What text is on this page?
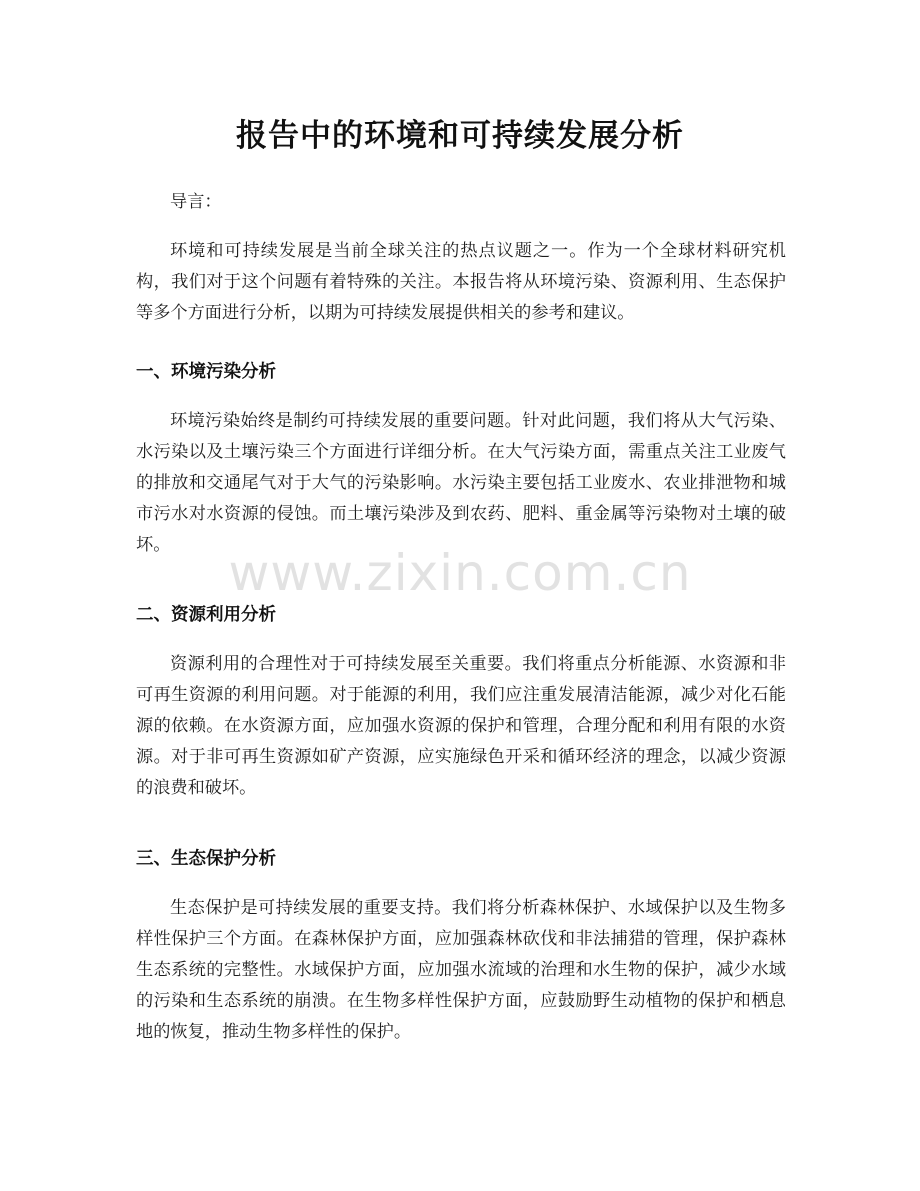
报告中的环境和可持续发展分析
导言：
环境和可持续发展是当前全球关注的热点议题之一。作为一个全球材料研究机构，我们对于这个问题有着特殊的关注。本报告将从环境污染、资源利用、生态保护等多个方面进行分析，以期为可持续发展提供相关的参考和建议。
一、环境污染分析
环境污染始终是制约可持续发展的重要问题。针对此问题，我们将从大气污染、水污染以及土壤污染三个方面进行详细分析。在大气污染方面，需重点关注工业废气的排放和交通尾气对于大气的污染影响。水污染主要包括工业废水、农业排泄物和城市污水对水资源的侵蚀。而土壤污染涉及到农药、肥料、重金属等污染物对土壤的破坏。
二、资源利用分析
资源利用的合理性对于可持续发展至关重要。我们将重点分析能源、水资源和非可再生资源的利用问题。对于能源的利用，我们应注重发展清洁能源，减少对化石能源的依赖。在水资源方面，应加强水资源的保护和管理，合理分配和利用有限的水资源。对于非可再生资源如矿产资源，应实施绿色开采和循环经济的理念，以减少资源的浪费和破坏。
三、生态保护分析
生态保护是可持续发展的重要支持。我们将分析森林保护、水域保护以及生物多样性保护三个方面。在森林保护方面，应加强森林砍伐和非法捕猎的管理，保护森林生态系统的完整性。水域保护方面，应加强水流域的治理和水生物的保护，减少水域的污染和生态系统的崩溃。在生物多样性保护方面，应鼓励野生动植物的保护和栖息地的恢复，推动生物多样性的保护。
www.zixin.com.cn
